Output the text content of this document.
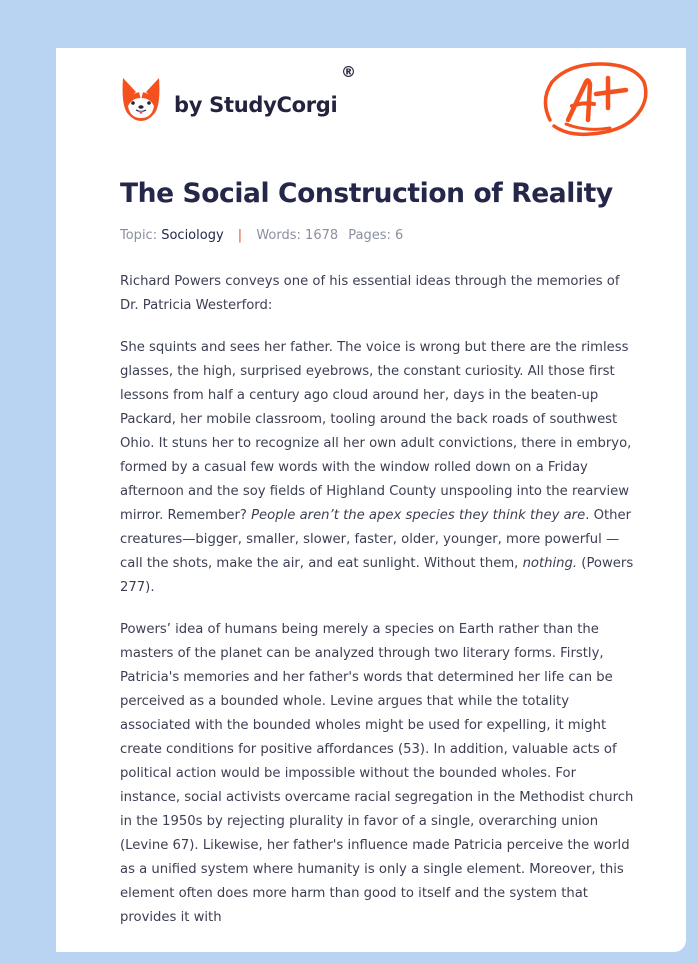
by StudyCorgi
®
The Social Construction of Reality
Topic: Sociology | Words: 1678 Pages: 6

Richard Powers conveys one of his essential ideas through the memories of Dr. Patricia Westerford:

She squints and sees her father. The voice is wrong but there are the rimless glasses, the high, surprised eyebrows, the constant curiosity. All those first lessons from half a century ago cloud around her, days in the beaten-up Packard, her mobile classroom, tooling around the back roads of southwest Ohio. It stuns her to recognize all her own adult convictions, there in embryo, formed by a casual few words with the window rolled down on a Friday afternoon and the soy fields of Highland County unspooling into the rearview mirror. Remember? People aren’t the apex species they think they are. Other creatures—bigger, smaller, slower, faster, older, younger, more powerful — call the shots, make the air, and eat sunlight. Without them, nothing. (Powers 277).

Powers’ idea of humans being merely a species on Earth rather than the masters of the planet can be analyzed through two literary forms. Firstly, Patricia's memories and her father's words that determined her life can be perceived as a bounded whole. Levine argues that while the totality associated with the bounded wholes might be used for expelling, it might create conditions for positive affordances (53). In addition, valuable acts of political action would be impossible without the bounded wholes. For instance, social activists overcame racial segregation in the Methodist church in the 1950s by rejecting plurality in favor of a single, overarching union (Levine 67). Likewise, her father's influence made Patricia perceive the world as a unified system where humanity is only a single element. Moreover, this element often does more harm than good to itself and the system that provides it with
